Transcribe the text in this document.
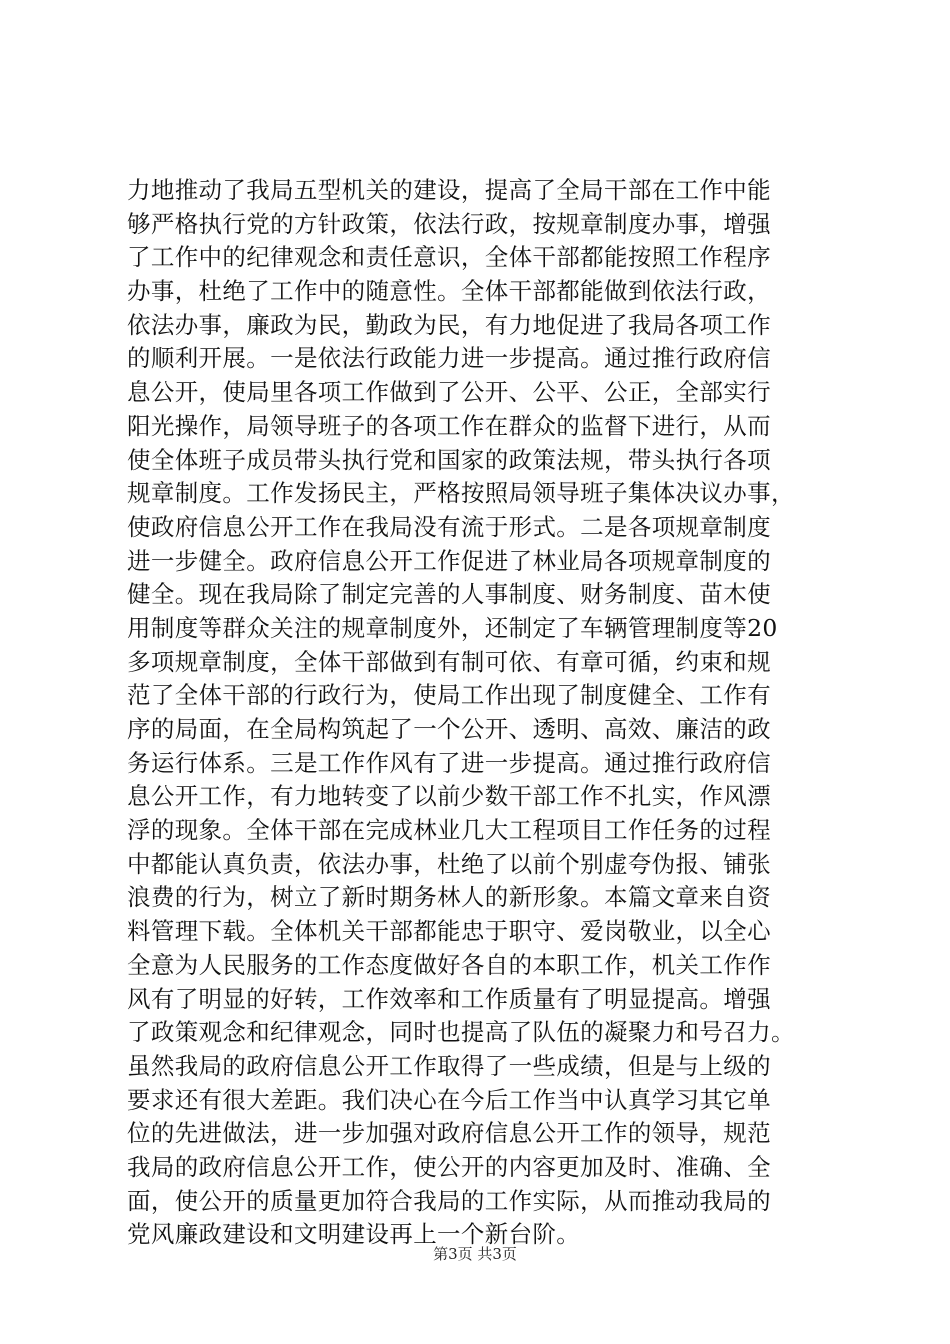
力地推动了我局五型机关的建设，提高了全局干部在工作中能
够严格执行党的方针政策，依法行政，按规章制度办事，增强
了工作中的纪律观念和责任意识，全体干部都能按照工作程序
办事，杜绝了工作中的随意性。全体干部都能做到依法行政，
依法办事，廉政为民，勤政为民，有力地促进了我局各项工作
的顺利开展。一是依法行政能力进一步提高。通过推行政府信
息公开，使局里各项工作做到了公开、公平、公正，全部实行
阳光操作，局领导班子的各项工作在群众的监督下进行，从而
使全体班子成员带头执行党和国家的政策法规，带头执行各项
规章制度。工作发扬民主，严格按照局领导班子集体决议办事，
使政府信息公开工作在我局没有流于形式。二是各项规章制度
进一步健全。政府信息公开工作促进了林业局各项规章制度的
健全。现在我局除了制定完善的人事制度、财务制度、苗木使
用制度等群众关注的规章制度外，还制定了车辆管理制度等20
多项规章制度，全体干部做到有制可依、有章可循，约束和规
范了全体干部的行政行为，使局工作出现了制度健全、工作有
序的局面，在全局构筑起了一个公开、透明、高效、廉洁的政
务运行体系。三是工作作风有了进一步提高。通过推行政府信
息公开工作，有力地转变了以前少数干部工作不扎实，作风漂
浮的现象。全体干部在完成林业几大工程项目工作任务的过程
中都能认真负责，依法办事，杜绝了以前个别虚夸伪报、铺张
浪费的行为，树立了新时期务林人的新形象。本篇文章来自资
料管理下载。全体机关干部都能忠于职守、爱岗敬业，以全心
全意为人民服务的工作态度做好各自的本职工作，机关工作作
风有了明显的好转，工作效率和工作质量有了明显提高。增强
了政策观念和纪律观念，同时也提高了队伍的凝聚力和号召力。
虽然我局的政府信息公开工作取得了一些成绩，但是与上级的
要求还有很大差距。我们决心在今后工作当中认真学习其它单
位的先进做法，进一步加强对政府信息公开工作的领导，规范
我局的政府信息公开工作，使公开的内容更加及时、准确、全
面，使公开的质量更加符合我局的工作实际，从而推动我局的
党风廉政建设和文明建设再上一个新台阶。
第3页 共3页
